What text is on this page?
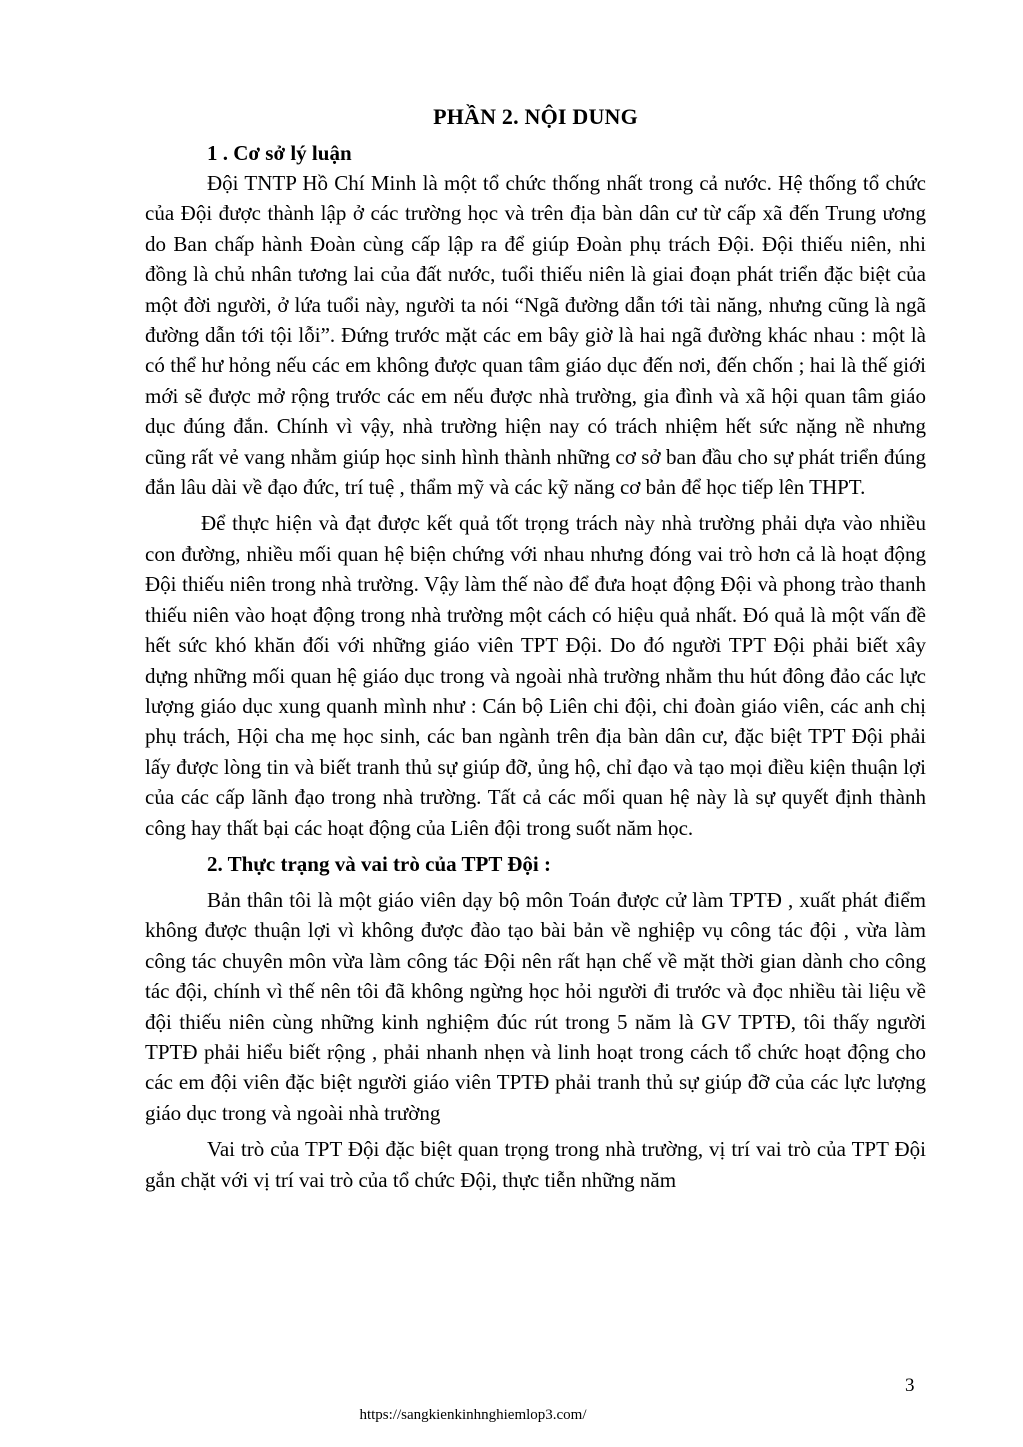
PHẦN 2. NỘI DUNG
1 . Cơ sở lý luận

Đội TNTP Hồ Chí Minh là một tổ chức thống nhất trong cả nước. Hệ thống tổ chức của Đội được thành lập ở các trường học và trên địa bàn dân cư từ cấp xã đến Trung ương do Ban chấp hành Đoàn cùng cấp lập ra để giúp Đoàn phụ trách Đội. Đội thiếu niên, nhi đồng là chủ nhân tương lai của đất nước, tuổi thiếu niên là giai đoạn phát triển đặc biệt của một đời người, ở lứa tuổi này, người ta nói “Ngã đường dẫn tới tài năng, nhưng cũng là ngã đường dẫn tới tội lỗi”. Đứng trước mặt các em bây giờ là hai ngã đường khác nhau : một là có thể hư hỏng nếu các em không được quan tâm giáo dục đến nơi, đến chốn ; hai là thế giới mới sẽ được mở rộng trước các em nếu được nhà trường, gia đình và xã hội quan tâm giáo dục đúng đắn. Chính vì vậy, nhà trường hiện nay có trách nhiệm hết sức nặng nề nhưng cũng rất vẻ vang nhằm giúp học sinh hình thành những cơ sở ban đầu cho sự phát triển đúng đắn lâu dài về đạo đức, trí tuệ , thẩm mỹ và các kỹ năng cơ bản để học tiếp lên THPT.

Để thực hiện và đạt được kết quả tốt trọng trách này nhà trường phải dựa vào nhiều con đường, nhiều mối quan hệ biện chứng với nhau nhưng đóng vai trò hơn cả là hoạt động Đội thiếu niên trong nhà trường. Vậy làm thế nào để đưa hoạt động Đội và phong trào thanh thiếu niên vào hoạt động trong nhà trường một cách có hiệu quả nhất. Đó quả là một vấn đề hết sức khó khăn đối với những giáo viên TPT Đội. Do đó người TPT Đội phải biết xây dựng những mối quan hệ giáo dục trong và ngoài nhà trường nhằm thu hút đông đảo các lực lượng giáo dục xung quanh mình như : Cán bộ Liên chi đội, chi đoàn giáo viên, các anh chị phụ trách, Hội cha mẹ học sinh, các ban ngành trên địa bàn dân cư, đặc biệt TPT Đội phải lấy được lòng tin và biết tranh thủ sự giúp đỡ, ủng hộ, chỉ đạo và tạo mọi điều kiện thuận lợi của các cấp lãnh đạo trong nhà trường. Tất cả các mối quan hệ này là sự quyết định thành công hay thất bại các hoạt động của Liên đội trong suốt năm học.

2. Thực trạng và vai trò của TPT Đội :

Bản thân tôi là một giáo viên dạy bộ môn Toán được cử làm TPTĐ , xuất phát điểm không được thuận lợi vì không được đào tạo bài bản về nghiệp vụ công tác đội , vừa làm công tác chuyên môn vừa làm công tác Đội nên rất hạn chế về mặt thời gian dành cho công tác đội, chính vì thế nên tôi đã không ngừng học hỏi người đi trước và đọc nhiều tài liệu về đội thiếu niên cùng những kinh nghiệm đúc rút trong 5 năm là GV TPTĐ, tôi thấy người TPTĐ phải hiểu biết rộng , phải nhanh nhẹn và linh hoạt trong cách tổ chức hoạt động cho các em đội viên đặc biệt người giáo viên TPTĐ phải tranh thủ sự giúp đỡ của các lực lượng giáo dục trong và ngoài nhà trường

Vai trò của TPT Đội đặc biệt quan trọng trong nhà trường, vị trí vai trò của TPT Đội gắn chặt với vị trí vai trò của tổ chức Đội, thực tiễn những năm

3

https://sangkienkinhnghiemlop3.com/
